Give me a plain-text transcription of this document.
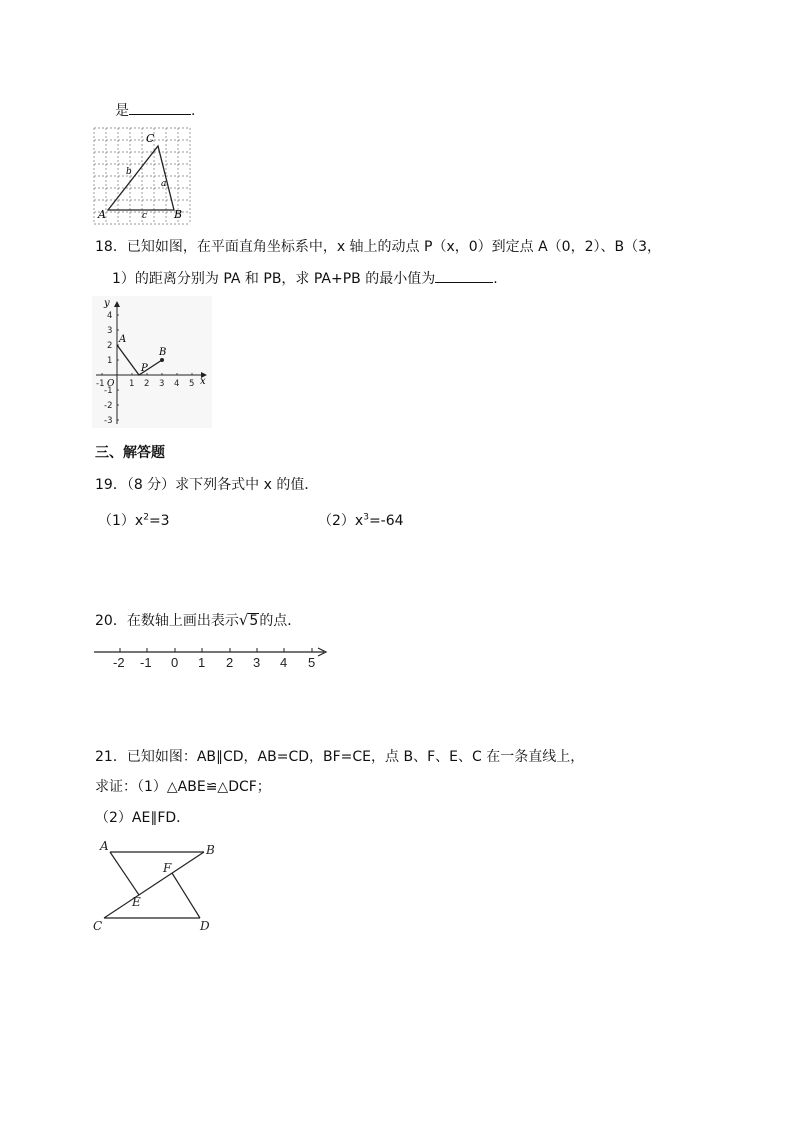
是	.
A	B
C
a
b
c
18．已知如图，在平面直角坐标系中，x 轴上的动点 P（x，0）到定点 A（0，2）、B（3，
1）的距离分别为 PA 和 PB，求 PA+PB 的最小值为	.
y
x
O
-1	1 2 3 4 5
4
3
2
1
-1
-2
-3
A
B
P
三、解答题
19．（8 分）求下列各式中 x 的值．
$(1)x^2=3$	$(2)x^3=-64$
20．在数轴上画出表示√5的点．
-2 -1 0 1 2 3 4 5
21．已知如图：AB∥CD，AB=CD，BF=CE，点 B、F、E、C 在一条直线上，
求证：（1）△ABE≌△DCF；
（2）AE∥FD．
A	B
C	D
E
F
